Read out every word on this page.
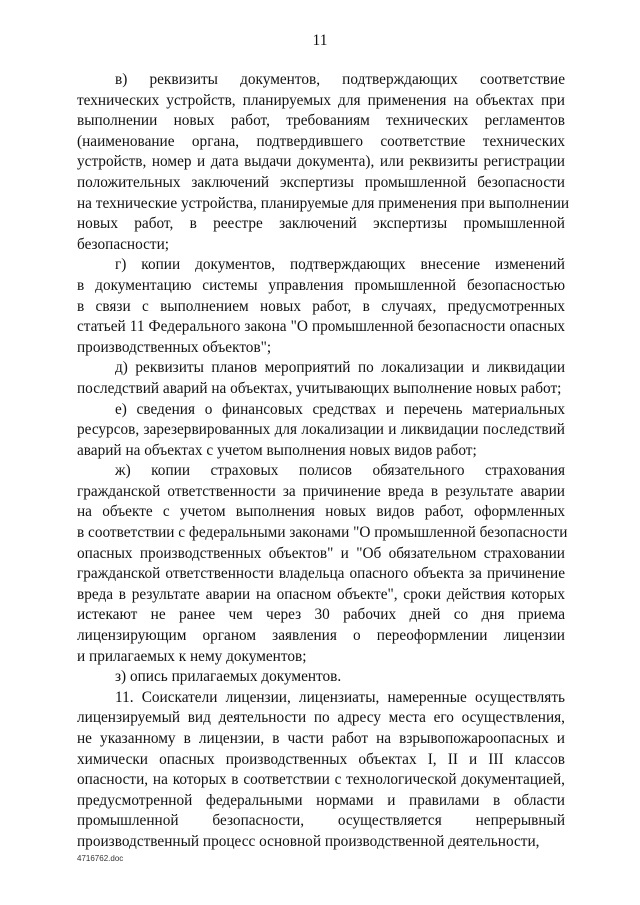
11
в) реквизиты документов, подтверждающих соответствие
технических устройств, планируемых для применения на объектах при
выполнении новых работ, требованиям технических регламентов
(наименование органа, подтвердившего соответствие технических
устройств, номер и дата выдачи документа), или реквизиты регистрации
положительных заключений экспертизы промышленной безопасности
на технические устройства, планируемые для применения при выполнении
новых работ, в реестре заключений экспертизы промышленной
безопасности;
г) копии документов, подтверждающих внесение изменений
в документацию системы управления промышленной безопасностью
в связи с выполнением новых работ, в случаях, предусмотренных
статьей 11 Федерального закона "О промышленной безопасности опасных
производственных объектов";
д) реквизиты планов мероприятий по локализации и ликвидации
последствий аварий на объектах, учитывающих выполнение новых работ;
е) сведения о финансовых средствах и перечень материальных
ресурсов, зарезервированных для локализации и ликвидации последствий
аварий на объектах с учетом выполнения новых видов работ;
ж) копии страховых полисов обязательного страхования
гражданской ответственности за причинение вреда в результате аварии
на объекте с учетом выполнения новых видов работ, оформленных
в соответствии с федеральными законами "О промышленной безопасности
опасных производственных объектов" и "Об обязательном страховании
гражданской ответственности владельца опасного объекта за причинение
вреда в результате аварии на опасном объекте", сроки действия которых
истекают не ранее чем через 30 рабочих дней со дня приема
лицензирующим органом заявления о переоформлении лицензии
и прилагаемых к нему документов;
з) опись прилагаемых документов.
11. Соискатели лицензии, лицензиаты, намеренные осуществлять
лицензируемый вид деятельности по адресу места его осуществления,
не указанному в лицензии, в части работ на взрывопожароопасных и
химически опасных производственных объектах I, II и III классов
опасности, на которых в соответствии с технологической документацией,
предусмотренной федеральными нормами и правилами в области
промышленной безопасности, осуществляется непрерывный
производственный процесс основной производственной деятельности,
4716762.doc
